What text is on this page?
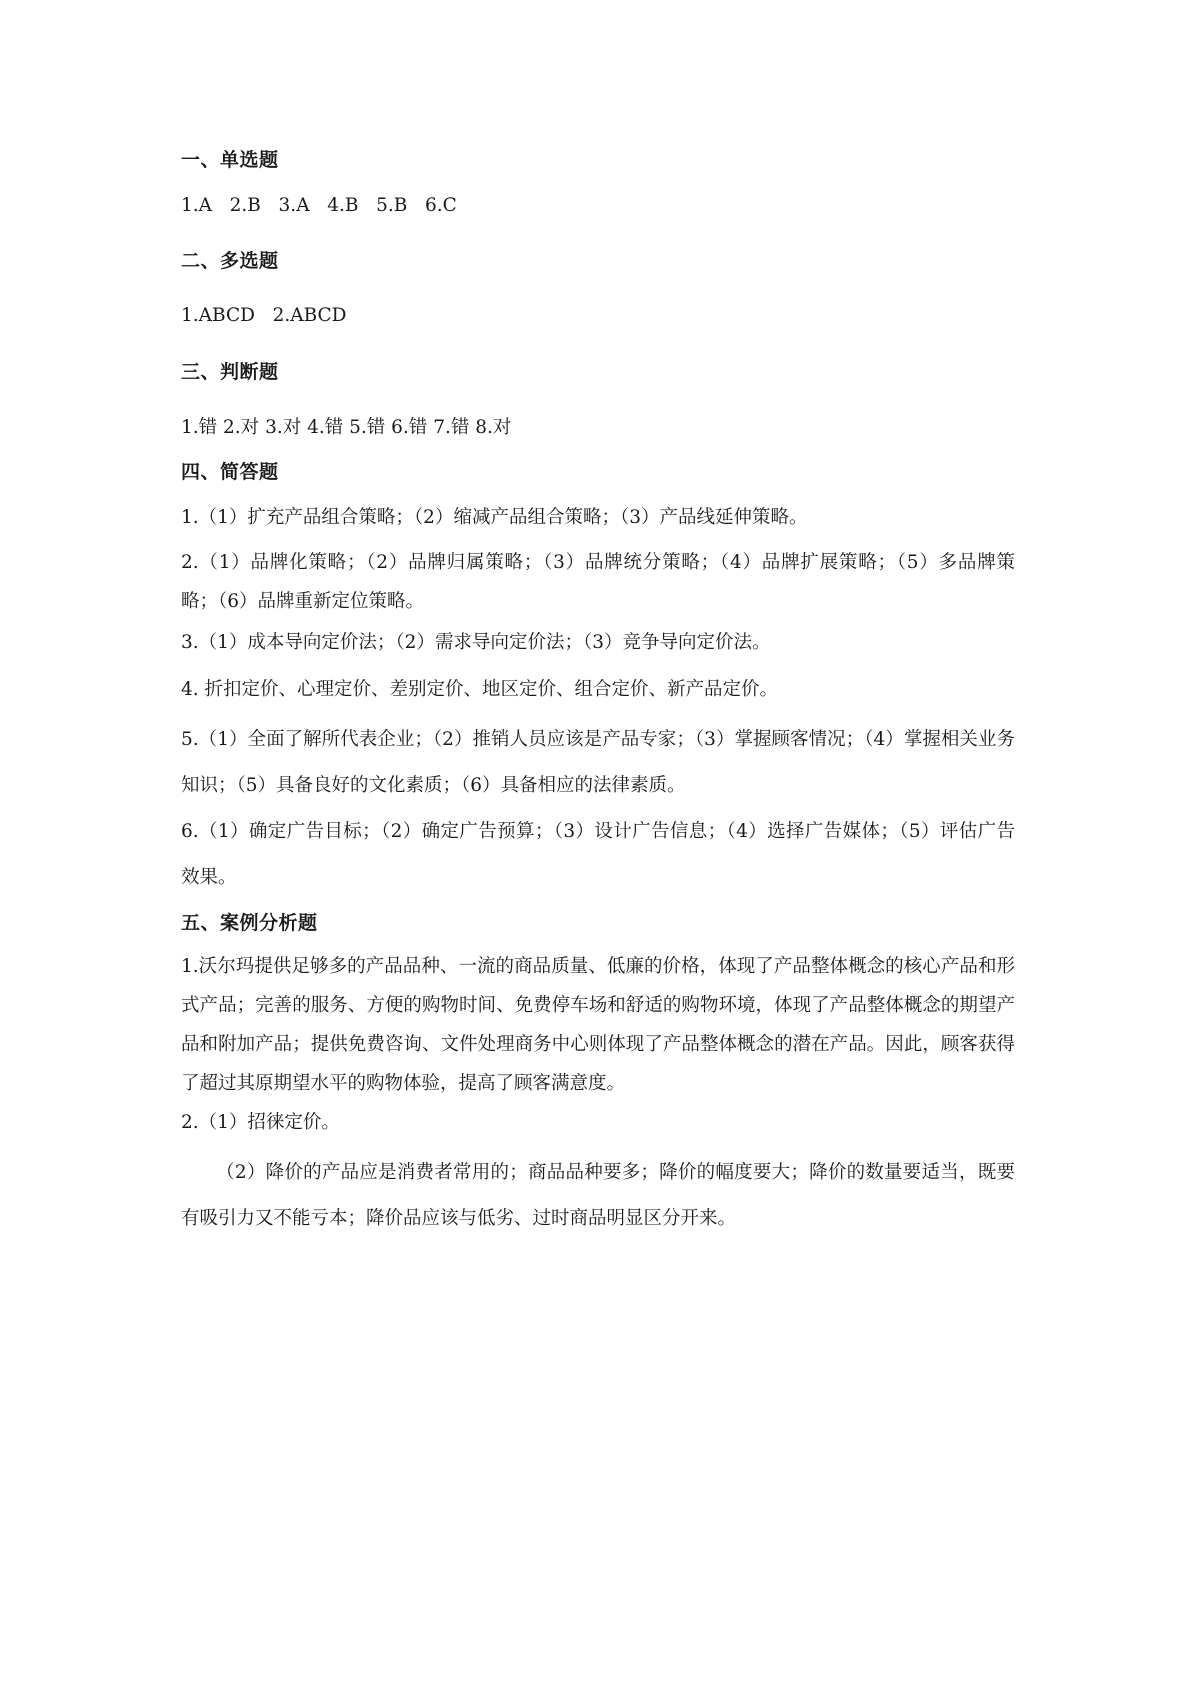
一、单选题

1.A   2.B   3.A   4.B   5.B   6.C

二、多选题

1.ABCD   2.ABCD

三、判断题

1.错 2.对 3.对 4.错 5.错 6.错 7.错 8.对

四、简答题

1.（1）扩充产品组合策略；（2）缩减产品组合策略；（3）产品线延伸策略。

2.（1）品牌化策略；（2）品牌归属策略；（3）品牌统分策略；（4）品牌扩展策略；（5）多品牌策略；（6）品牌重新定位策略。

3.（1）成本导向定价法；（2）需求导向定价法；（3）竞争导向定价法。

4. 折扣定价、心理定价、差别定价、地区定价、组合定价、新产品定价。

5.（1）全面了解所代表企业；（2）推销人员应该是产品专家；（3）掌握顾客情况；（4）掌握相关业务知识；（5）具备良好的文化素质；（6）具备相应的法律素质。

6.（1）确定广告目标；（2）确定广告预算；（3）设计广告信息；（4）选择广告媒体；（5）评估广告效果。

五、案例分析题

1.沃尔玛提供足够多的产品品种、一流的商品质量、低廉的价格，体现了产品整体概念的核心产品和形式产品；完善的服务、方便的购物时间、免费停车场和舒适的购物环境，体现了产品整体概念的期望产品和附加产品；提供免费咨询、文件处理商务中心则体现了产品整体概念的潜在产品。因此，顾客获得了超过其原期望水平的购物体验，提高了顾客满意度。

2.（1）招徕定价。

（2）降价的产品应是消费者常用的；商品品种要多；降价的幅度要大；降价的数量要适当，既要有吸引力又不能亏本；降价品应该与低劣、过时商品明显区分开来。
